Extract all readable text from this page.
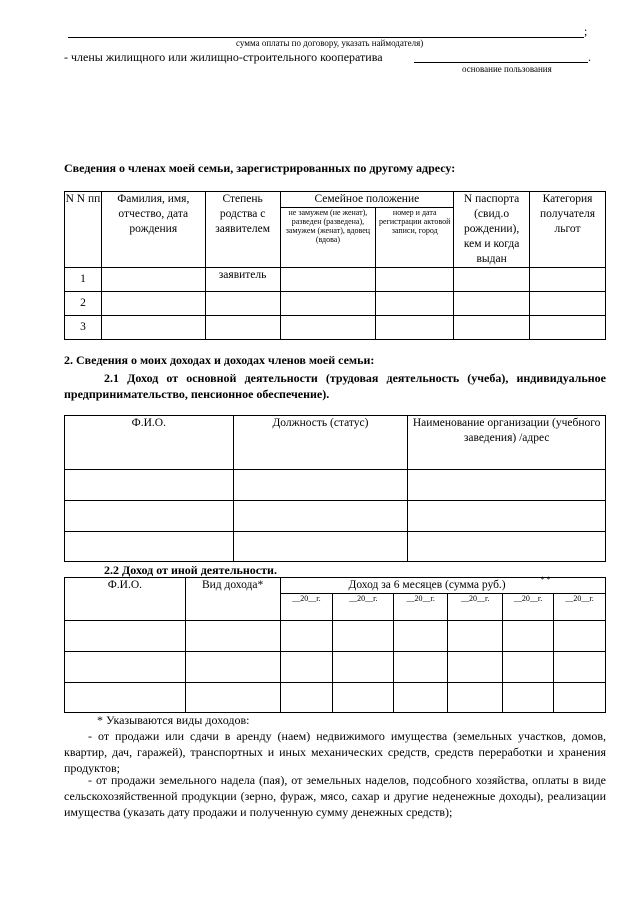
;
сумма оплаты по договору, указать наймодателя)
- члены жилищного или жилищно-строительного кооператива	.
основание пользования
Сведения о членах моей семьи, зарегистрированных по другому адресу:
N N пп	Фамилия, имя, отчество, дата рождения	Степень родства с заявителем	Семейное положение		N паспорта (свид.о рождении), кем и когда выдан	Категория получателя льгот
			не замужем (не женат), разведен (разведена), замужем (женат), вдовец (вдова)	номер и дата регистрации актовой записи, город		
1		заявитель				
2						
3						
2. Сведения о моих доходах и доходах членов моей семьи:
2.1 Доход от основной деятельности (трудовая деятельность (учеба), индивидуальное предпринимательство, пенсионное обеспечение).
Ф.И.О.	Должность (статус)	Наименование организации (учебного заведения) /адрес

2.2 Доход от иной деятельности.
Ф.И.О.	Вид дохода*	Доход за 6 месяцев (сумма руб.) * *					

		__20__г.	__20__г.	__20__г.	__20__г.	__20__г.	__20__г.

* Указываются виды доходов:
- от продажи или сдачи в аренду (наем) недвижимого имущества (земельных участков, домов, квартир, дач, гаражей), транспортных и иных механических средств, средств переработки и хранения продуктов;
- от продажи земельного надела (пая), от земельных наделов, подсобного хозяйства, оплаты в виде сельскохозяйственной продукции (зерно, фураж, мясо, сахар и другие неденежные доходы), реализации имущества (указать дату продажи и полученную сумму денежных средств);
